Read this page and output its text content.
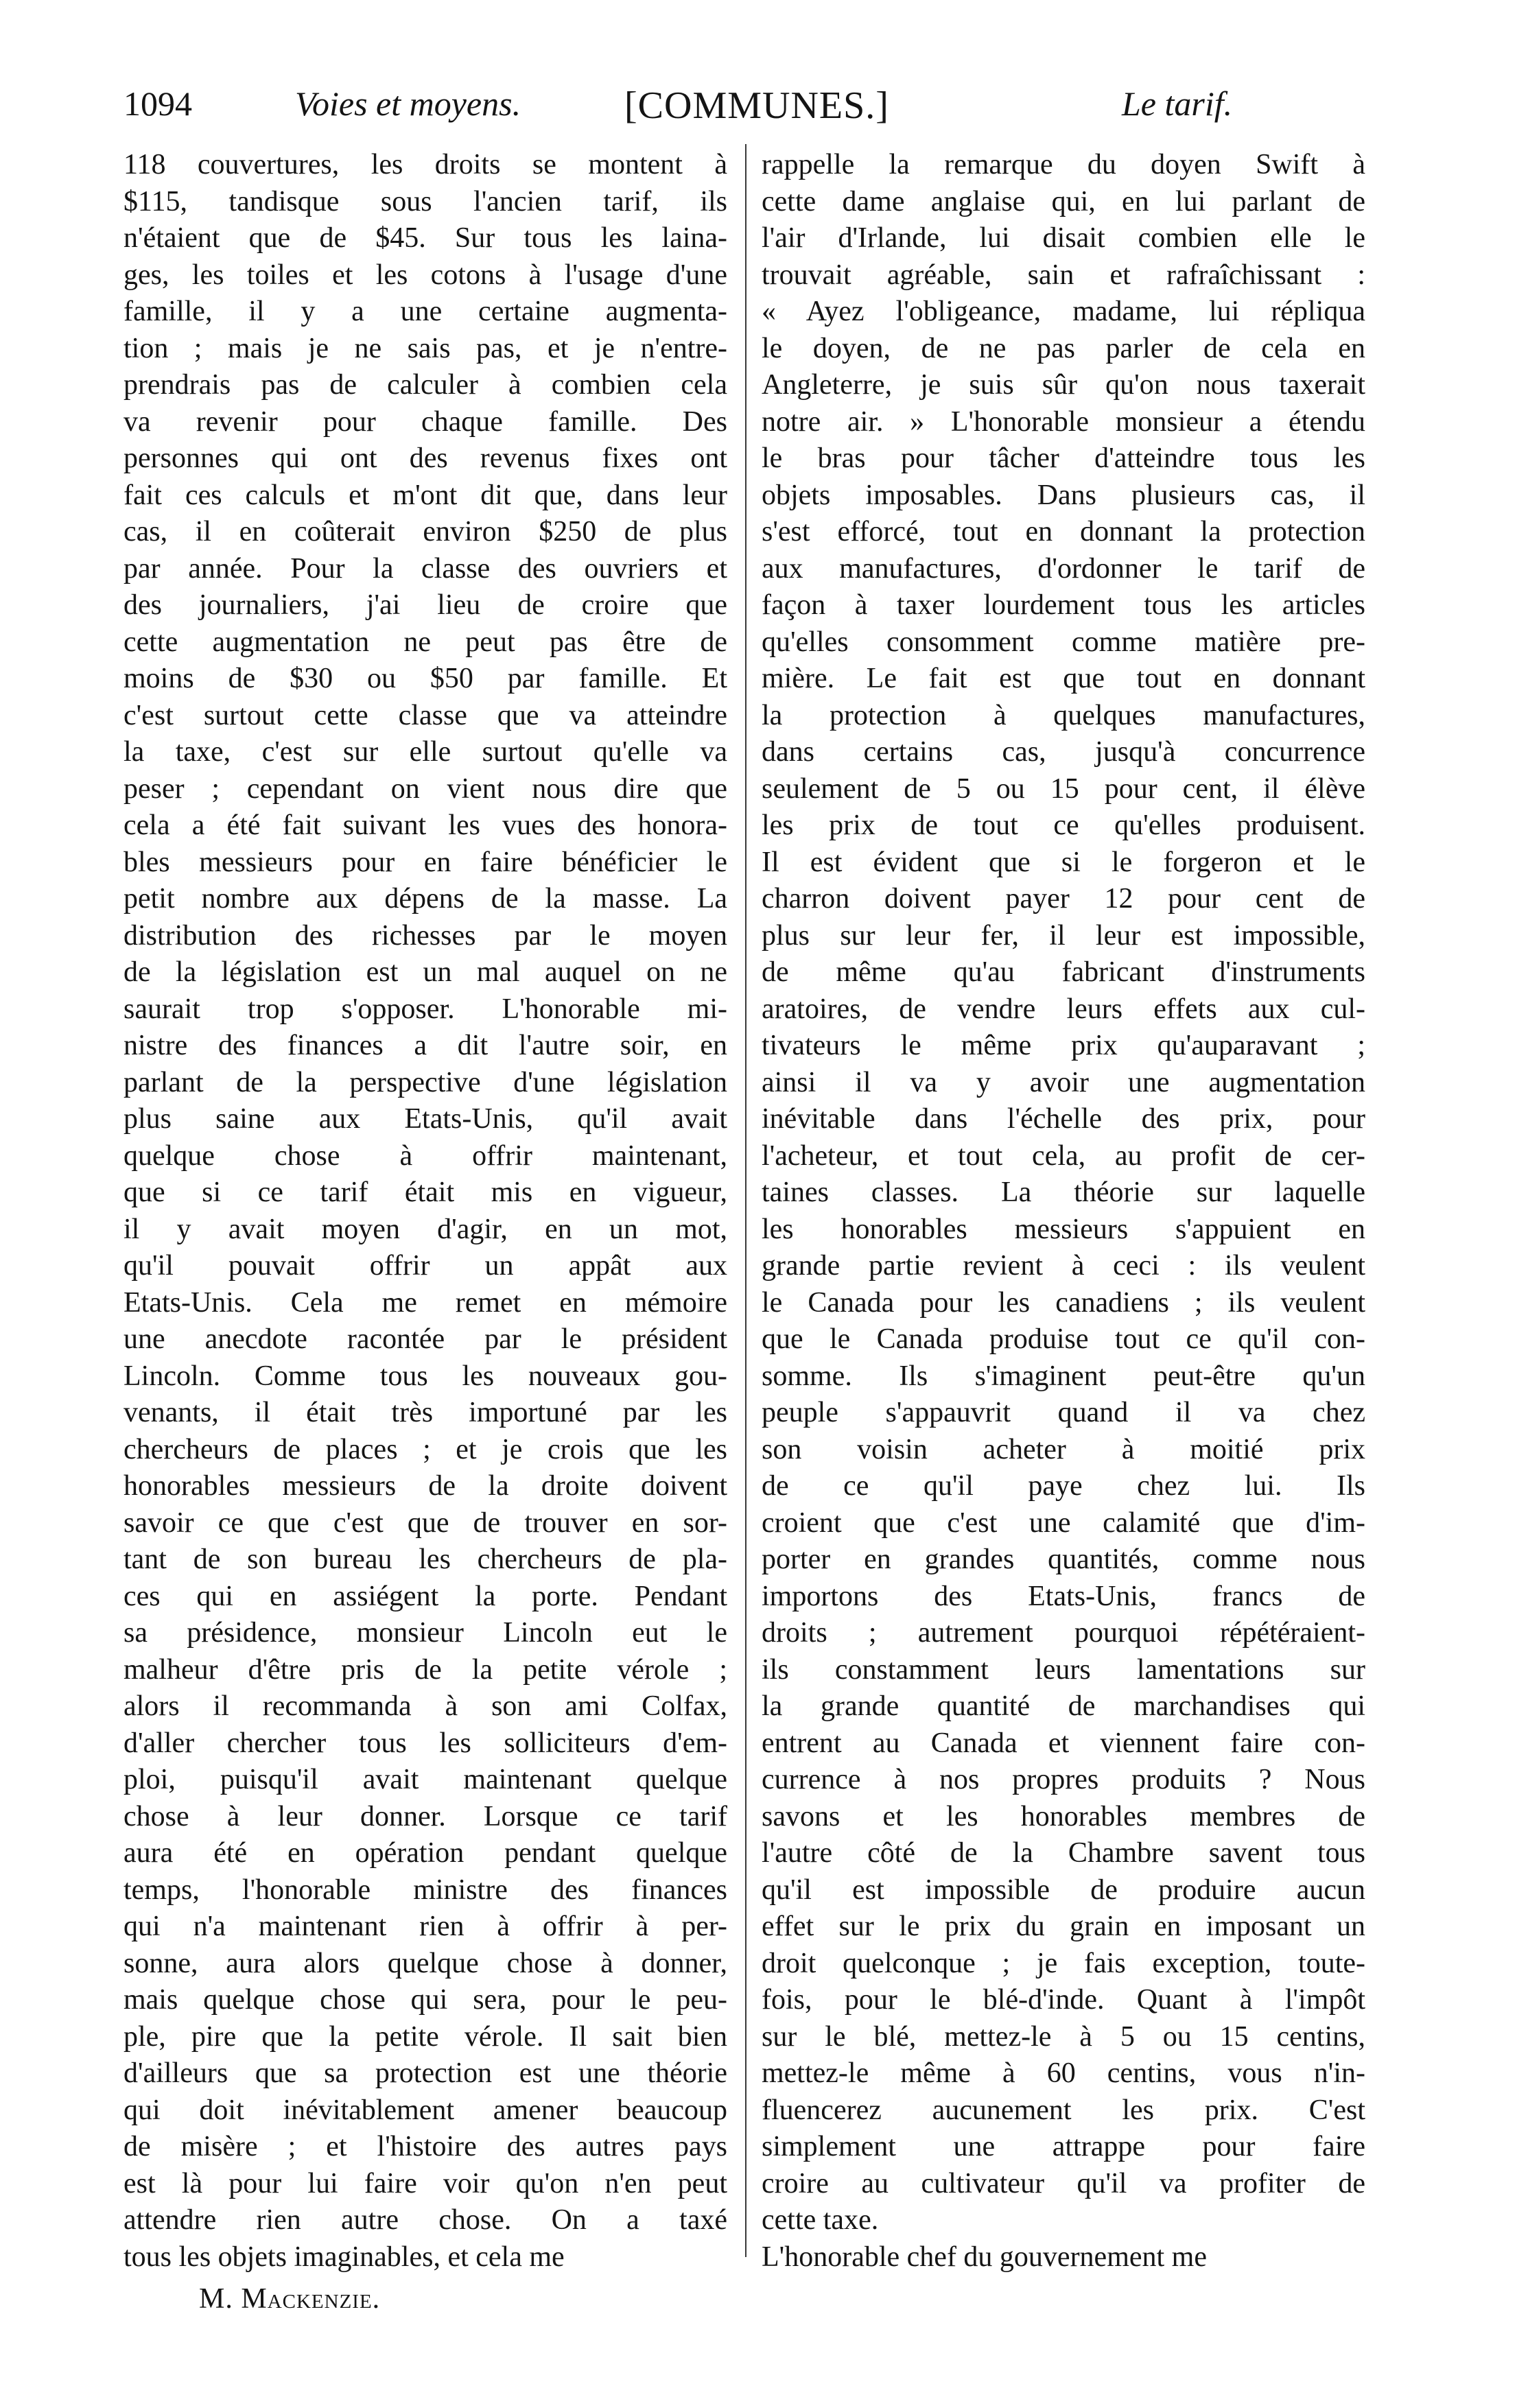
1094	Voies et moyens.	[COMMUNES.]	Le tarif.
118 couvertures, les droits se montent à
$115, tandisque sous l'ancien tarif, ils
n'étaient que de $45. Sur tous les laina-
ges, les toiles et les cotons à l'usage d'une
famille, il y a une certaine augmenta-
tion ; mais je ne sais pas, et je n'entre-
prendrais pas de calculer à combien cela
va revenir pour chaque famille. Des
personnes qui ont des revenus fixes ont
fait ces calculs et m'ont dit que, dans leur
cas, il en coûterait environ $250 de plus
par année. Pour la classe des ouvriers et
des journaliers, j'ai lieu de croire que
cette augmentation ne peut pas être de
moins de $30 ou $50 par famille. Et
c'est surtout cette classe que va atteindre
la taxe, c'est sur elle surtout qu'elle va
peser ; cependant on vient nous dire que
cela a été fait suivant les vues des honora-
bles messieurs pour en faire bénéficier le
petit nombre aux dépens de la masse. La
distribution des richesses par le moyen
de la législation est un mal auquel on ne
saurait trop s'opposer. L'honorable mi-
nistre des finances a dit l'autre soir, en
parlant de la perspective d'une législation
plus saine aux Etats-Unis, qu'il avait
quelque chose à offrir maintenant,
que si ce tarif était mis en vigueur,
il y avait moyen d'agir, en un mot,
qu'il pouvait offrir un appât aux
Etats-Unis. Cela me remet en mémoire
une anecdote racontée par le président
Lincoln. Comme tous les nouveaux gou-
venants, il était très importuné par les
chercheurs de places ; et je crois que les
honorables messieurs de la droite doivent
savoir ce que c'est que de trouver en sor-
tant de son bureau les chercheurs de pla-
ces qui en assiégent la porte. Pendant
sa présidence, monsieur Lincoln eut le
malheur d'être pris de la petite vérole ;
alors il recommanda à son ami Colfax,
d'aller chercher tous les solliciteurs d'em-
ploi, puisqu'il avait maintenant quelque
chose à leur donner. Lorsque ce tarif
aura été en opération pendant quelque
temps, l'honorable ministre des finances
qui n'a maintenant rien à offrir à per-
sonne, aura alors quelque chose à donner,
mais quelque chose qui sera, pour le peu-
ple, pire que la petite vérole. Il sait bien
d'ailleurs que sa protection est une théorie
qui doit inévitablement amener beaucoup
de misère ; et l'histoire des autres pays
est là pour lui faire voir qu'on n'en peut
attendre rien autre chose. On a taxé
tous les objets imaginables, et cela me
rappelle la remarque du doyen Swift à
cette dame anglaise qui, en lui parlant de
l'air d'Irlande, lui disait combien elle le
trouvait agréable, sain et rafraîchissant :
« Ayez l'obligeance, madame, lui répliqua
le doyen, de ne pas parler de cela en
Angleterre, je suis sûr qu'on nous taxerait
notre air. » L'honorable monsieur a étendu
le bras pour tâcher d'atteindre tous les
objets imposables. Dans plusieurs cas, il
s'est efforcé, tout en donnant la protection
aux manufactures, d'ordonner le tarif de
façon à taxer lourdement tous les articles
qu'elles consomment comme matière pre-
mière. Le fait est que tout en donnant
la protection à quelques manufactures,
dans certains cas, jusqu'à concurrence
seulement de 5 ou 15 pour cent, il élève
les prix de tout ce qu'elles produisent.
Il est évident que si le forgeron et le
charron doivent payer 12 pour cent de
plus sur leur fer, il leur est impossible,
de même qu'au fabricant d'instruments
aratoires, de vendre leurs effets aux cul-
tivateurs le même prix qu'auparavant ;
ainsi il va y avoir une augmentation
inévitable dans l'échelle des prix, pour
l'acheteur, et tout cela, au profit de cer-
taines classes. La théorie sur laquelle
les honorables messieurs s'appuient en
grande partie revient à ceci : ils veulent
le Canada pour les canadiens ; ils veulent
que le Canada produise tout ce qu'il con-
somme. Ils s'imaginent peut-être qu'un
peuple s'appauvrit quand il va chez
son voisin acheter à moitié prix
de ce qu'il paye chez lui. Ils
croient que c'est une calamité que d'im-
porter en grandes quantités, comme nous
importons des Etats-Unis, francs de
droits ; autrement pourquoi répétéraient-
ils constamment leurs lamentations sur
la grande quantité de marchandises qui
entrent au Canada et viennent faire con-
currence à nos propres produits ? Nous
savons et les honorables membres de
l'autre côté de la Chambre savent tous
qu'il est impossible de produire aucun
effet sur le prix du grain en imposant un
droit quelconque ; je fais exception, toute-
fois, pour le blé-d'inde. Quant à l'impôt
sur le blé, mettez-le à 5 ou 15 centins,
mettez-le même à 60 centins, vous n'in-
fluencerez aucunement les prix. C'est
simplement une attrappe pour faire
croire au cultivateur qu'il va profiter de
cette taxe.
L'honorable chef du gouvernement me
M. Mackenzie.
